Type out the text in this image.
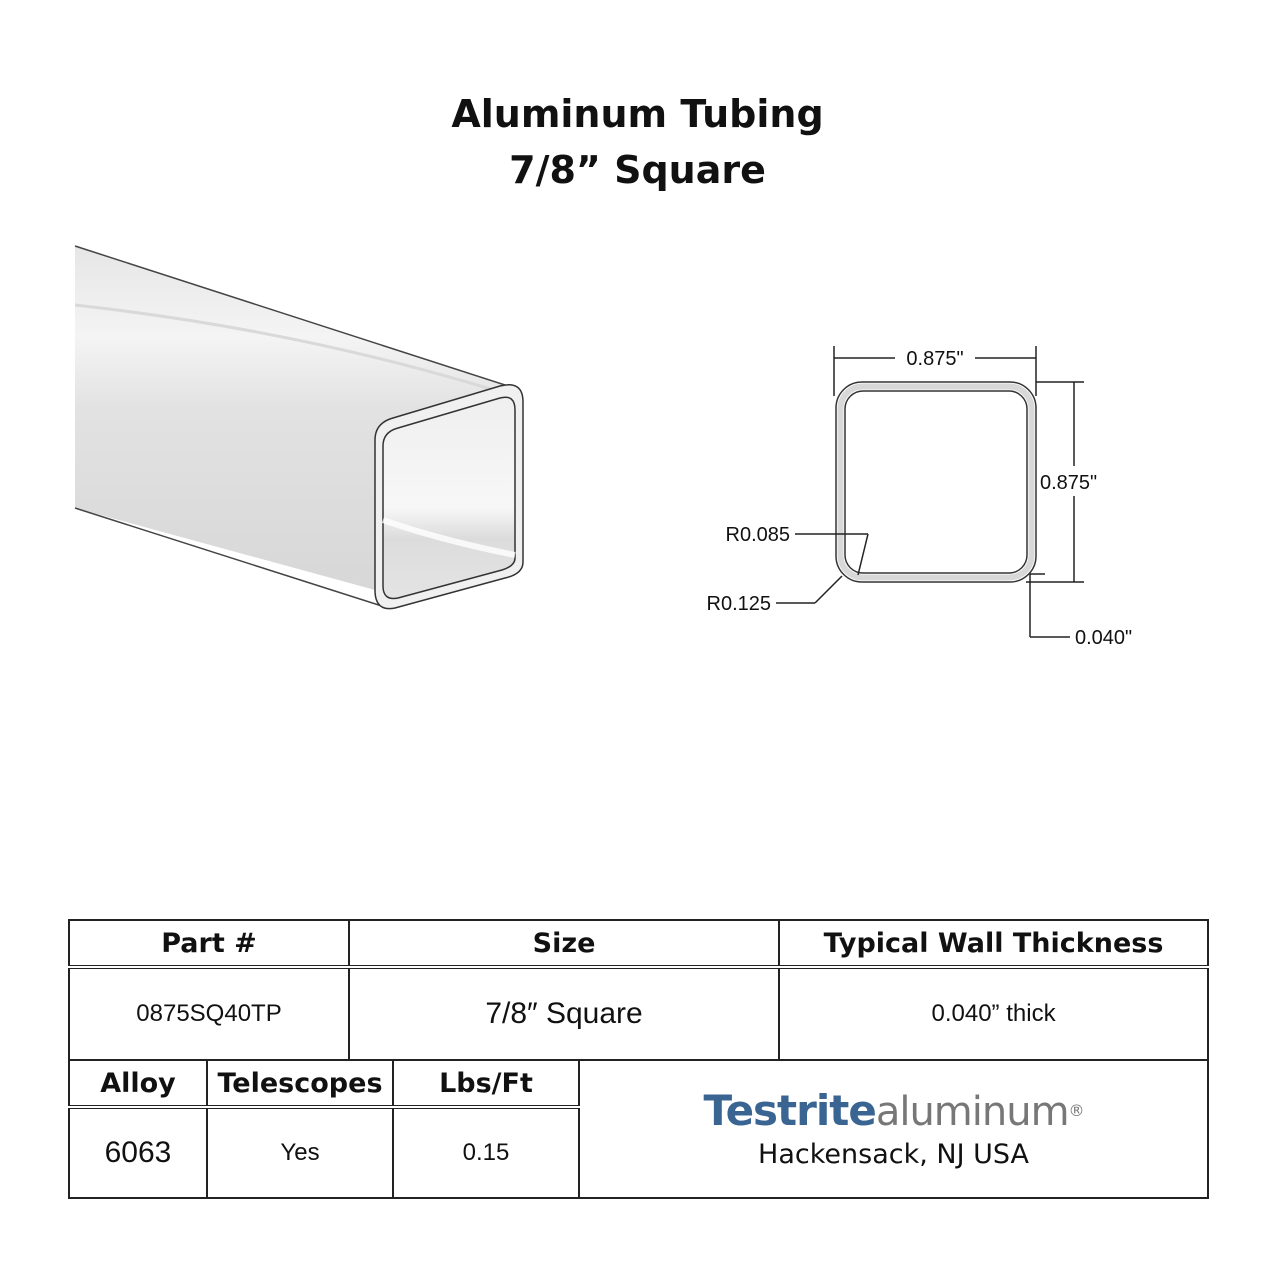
Aluminum Tubing
7/8” Square
0.875"
0.875"
R0.085
R0.125
0.040"
Part #		Size			Typical Wall Thickness
0875SQ40TP		7/8″ Square			0.040” thick
Alloy	Telescopes		Lbs/Ft	Testritealuminum®
Hackensack, NJ USA	

6063	Yes		0.15		
